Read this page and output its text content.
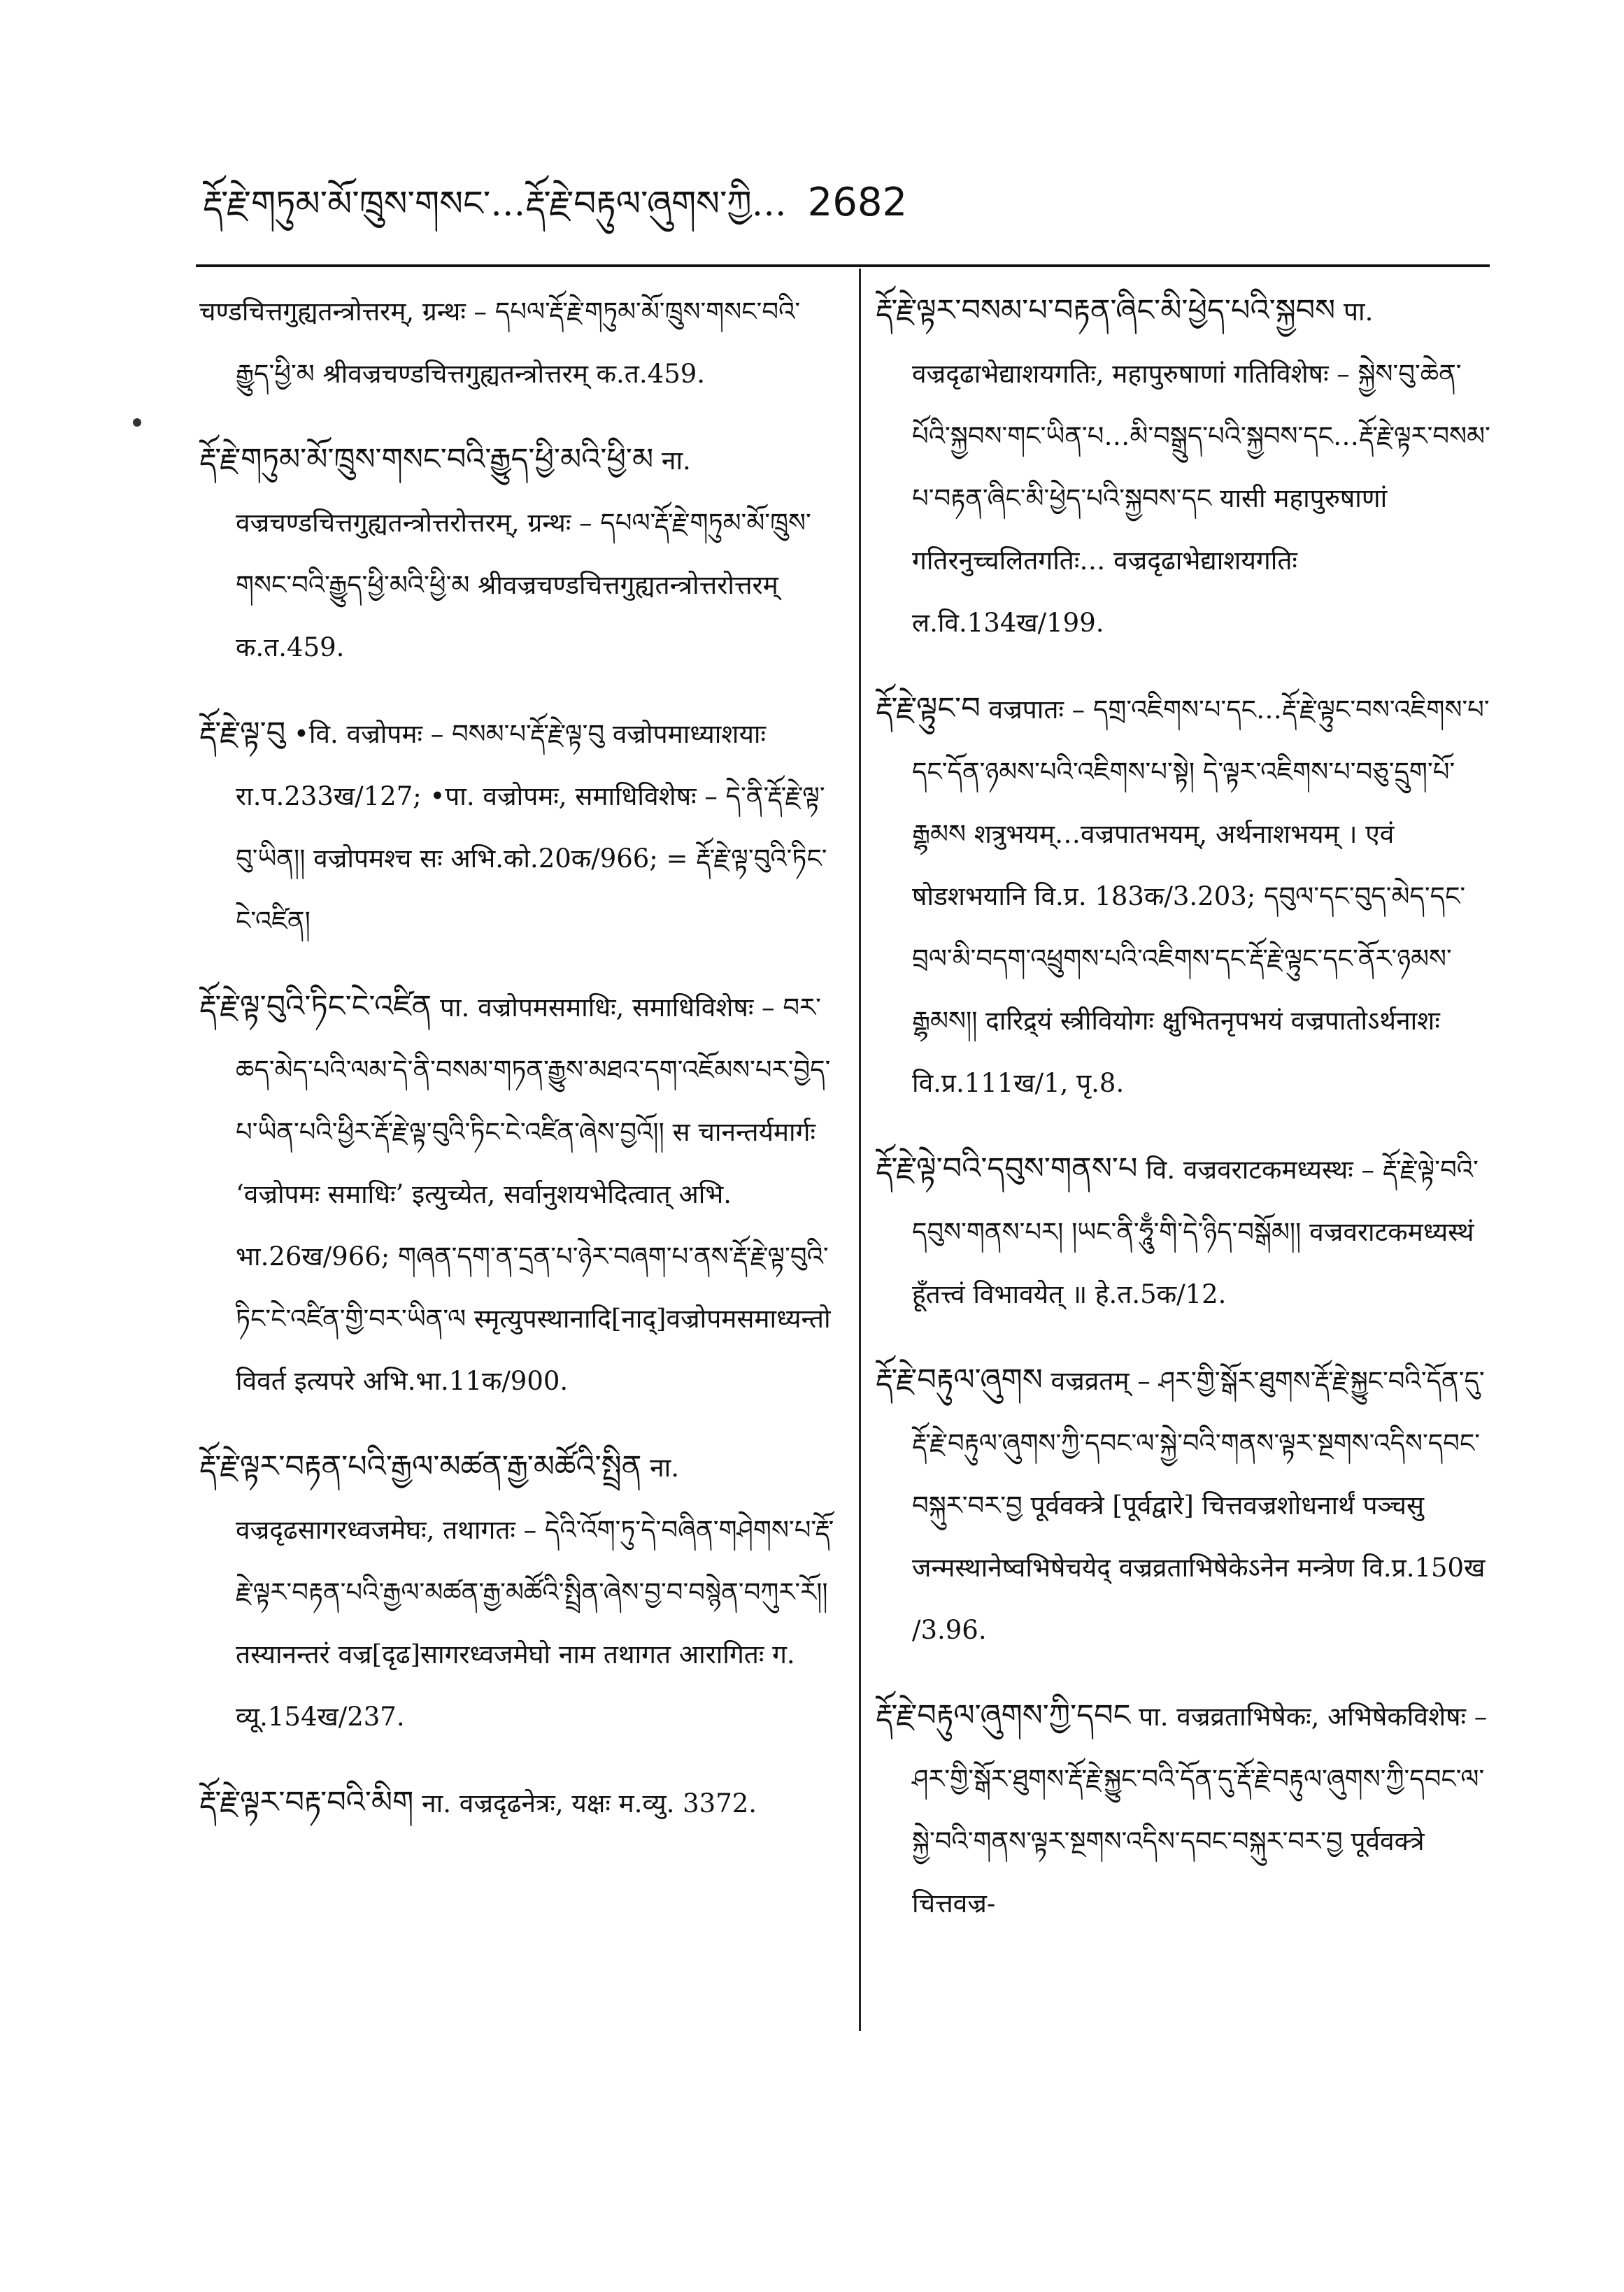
རྡོ་རྗེ་གཏུམ་མོ་ཁྲུས་གསང་…རྡོ་རྗེ་བརྟུལ་ཞུགས་ཀྱི… 2682
चण्डचित्तगुह्यतन्त्रोत्तरम्, ग्रन्थः – དཔལ་རྡོ་རྗེ་གཏུམ་མོ་ཁྲུས་གསང་བའི་རྒྱུད་ཕྱི་མ श्रीवज्रचण्डचित्तगुह्यतन्त्रोत्तरम् क.त.459.
རྡོ་རྗེ་གཏུམ་མོ་ཁྲུས་གསང་བའི་རྒྱུད་ཕྱི་མའི་ཕྱི་མ ना. वज्रचण्डचित्तगुह्यतन्त्रोत्तरोत्तरम्, ग्रन्थः – དཔལ་རྡོ་རྗེ་གཏུམ་མོ་ཁྲུས་གསང་བའི་རྒྱུད་ཕྱི་མའི་ཕྱི་མ श्रीवज्रचण्डचित्तगुह्यतन्त्रोत्तरोत्तरम् क.त.459.
རྡོ་རྗེ་ལྟ་བུ •वि. वज्रोपमः – བསམ་པ་རྡོ་རྗེ་ལྟ་བུ वज्रोपमाध्याशयाः रा.प.233ख/127; •पा. वज्रोपमः, समाधिविशेषः – དེ་ནི་རྡོ་རྗེ་ལྟ་བུ་ཡིན།། वज्रोपमश्च सः अभि.को.20क/966; = རྡོ་རྗེ་ལྟ་བུའི་ཏིང་ངེ་འཛིན།
རྡོ་རྗེ་ལྟ་བུའི་ཏིང་ངེ་འཛིན पा. वज्रोपमसमाधिः, समाधिविशेषः – བར་ཆད་མེད་པའི་ལམ་དེ་ནི་བསམ་གཏན་རྒྱུས་མཐའ་དག་འཇོམས་པར་བྱེད་པ་ཡིན་པའི་ཕྱིར་རྡོ་རྗེ་ལྟ་བུའི་ཏིང་ངེ་འཛིན་ཞེས་བྱའོ།། स चानन्तर्यमार्गः ‘वज्रोपमः समाधिः’ इत्युच्येत, सर्वानुशयभेदित्वात् अभि. भा.26ख/966; གཞན་དག་ན་དྲན་པ་ཉེར་བཞག་པ་ནས་རྡོ་རྗེ་ལྟ་བུའི་ཏིང་ངེ་འཛིན་གྱི་བར་ཡིན་ལ स्मृत्युपस्थानादि[नाद्]वज्रोपमसमाध्यन्तो विवर्त इत्यपरे अभि.भा.11क/900.
རྡོ་རྗེ་ལྟར་བརྟན་པའི་རྒྱལ་མཚན་རྒྱ་མཚོའི་སྤྲིན ना. वज्रदृढसागरध्वजमेघः, तथागतः – དེའི་འོག་ཏུ་དེ་བཞིན་གཤེགས་པ་རྡོ་རྗེ་ལྟར་བརྟན་པའི་རྒྱལ་མཚན་རྒྱ་མཚོའི་སྤྲིན་ཞེས་བྱ་བ་བསྙེན་བཀུར་རོ།། तस्यानन्तरं वज्र[दृढ]सागरध्वजमेघो नाम तथागत आरागितः ग. व्यू.154ख/237.
རྡོ་རྗེ་ལྟར་བརྟ་བའི་མིག ना. वज्रदृढनेत्रः, यक्षः म.व्यु. 3372.
རྡོ་རྗེ་ལྟར་བསམ་པ་བརྟན་ཞིང་མི་ཕྱེད་པའི་སྐྱབས पा. वज्रदृढाभेद्याशयगतिः, महापुरुषाणां गतिविशेषः – སྐྱེས་བུ་ཆེན་པོའི་སྐྱབས་གང་ཡིན་པ…མི་བསྒྲུད་པའི་སྐྱབས་དང…རྡོ་རྗེ་ལྟར་བསམ་པ་བརྟན་ཞིང་མི་ཕྱེད་པའི་སྐྱབས་དང यासी महापुरुषाणां गतिरनुच्चलितगतिः… वज्रदृढाभेद्याशयगतिः ल.वि.134ख/199.
རྡོ་རྗེ་ལྟུང་བ वज्रपातः – དགྲ་འཇིགས་པ་དང…རྡོ་རྗེ་ལྟུང་བས་འཇིགས་པ་དང་དོན་ཉམས་པའི་འཇིགས་པ་སྟེ། དེ་ལྟར་འཇིགས་པ་བཅུ་དྲུག་པོ་རྒྷམས शत्रुभयम्…वज्रपातभयम्, अर्थनाशभयम् । एवं षोडशभयानि वि.प्र. 183क/3.203; དབུལ་དང་བུད་མེད་དང་བྲལ་མི་བདག་འཕྲུགས་པའི་འཇིགས་དང་རྡོ་རྗེ་ལྟུང་དང་ནོར་ཉམས་རྒྷམས།། दारिद्र्यं स्त्रीवियोगः क्षुभितनृपभयं वज्रपातोऽर्थनाशः वि.प्र.111ख/1, पृ.8.
རྡོ་རྗེ་ལྟེ་བའི་དབུས་གནས་པ वि. वज्रवराटकमध्यस्थः – རྡོ་རྗེ་ལྟེ་བའི་དབུས་གནས་པར། །ཡང་ནི་ཧཱུྃ་གི་དེ་ཉིད་བསྒོམ།། वज्रवराटकमध्यस्थं हूँतत्त्वं विभावयेत् ॥ हे.त.5क/12.
རྡོ་རྗེ་བརྟུལ་ཞུགས वज्रव्रतम् – ཤར་གྱི་སྒོར་ཐུགས་རྡོ་རྗེ་སྐྱུང་བའི་དོན་དུ་རྡོ་རྗེ་བརྟུལ་ཞུགས་ཀྱི་དབང་ལ་སྐྱེ་བའི་གནས་ལྟར་སྔགས་འདིས་དབང་བསྐུར་བར་བྱ पूर्ववक्त्रे [पूर्वद्वारे] चित्तवज्रशोधनार्थं पञ्चसु जन्मस्थानेष्वभिषेचयेद् वज्रव्रताभिषेकेऽनेन मन्त्रेण वि.प्र.150ख /3.96.
རྡོ་རྗེ་བརྟུལ་ཞུགས་ཀྱི་དབང पा. वज्रव्रताभिषेकः, अभिषेकविशेषः – ཤར་གྱི་སྒོར་ཐུགས་རྡོ་རྗེ་སྐྱུང་བའི་དོན་དུ་རྡོ་རྗེ་བརྟུལ་ཞུགས་ཀྱི་དབང་ལ་སྐྱེ་བའི་གནས་ལྟར་སྔགས་འདིས་དབང་བསྐུར་བར་བྱ पूर्ववक्त्रे चित्तवज्र-
